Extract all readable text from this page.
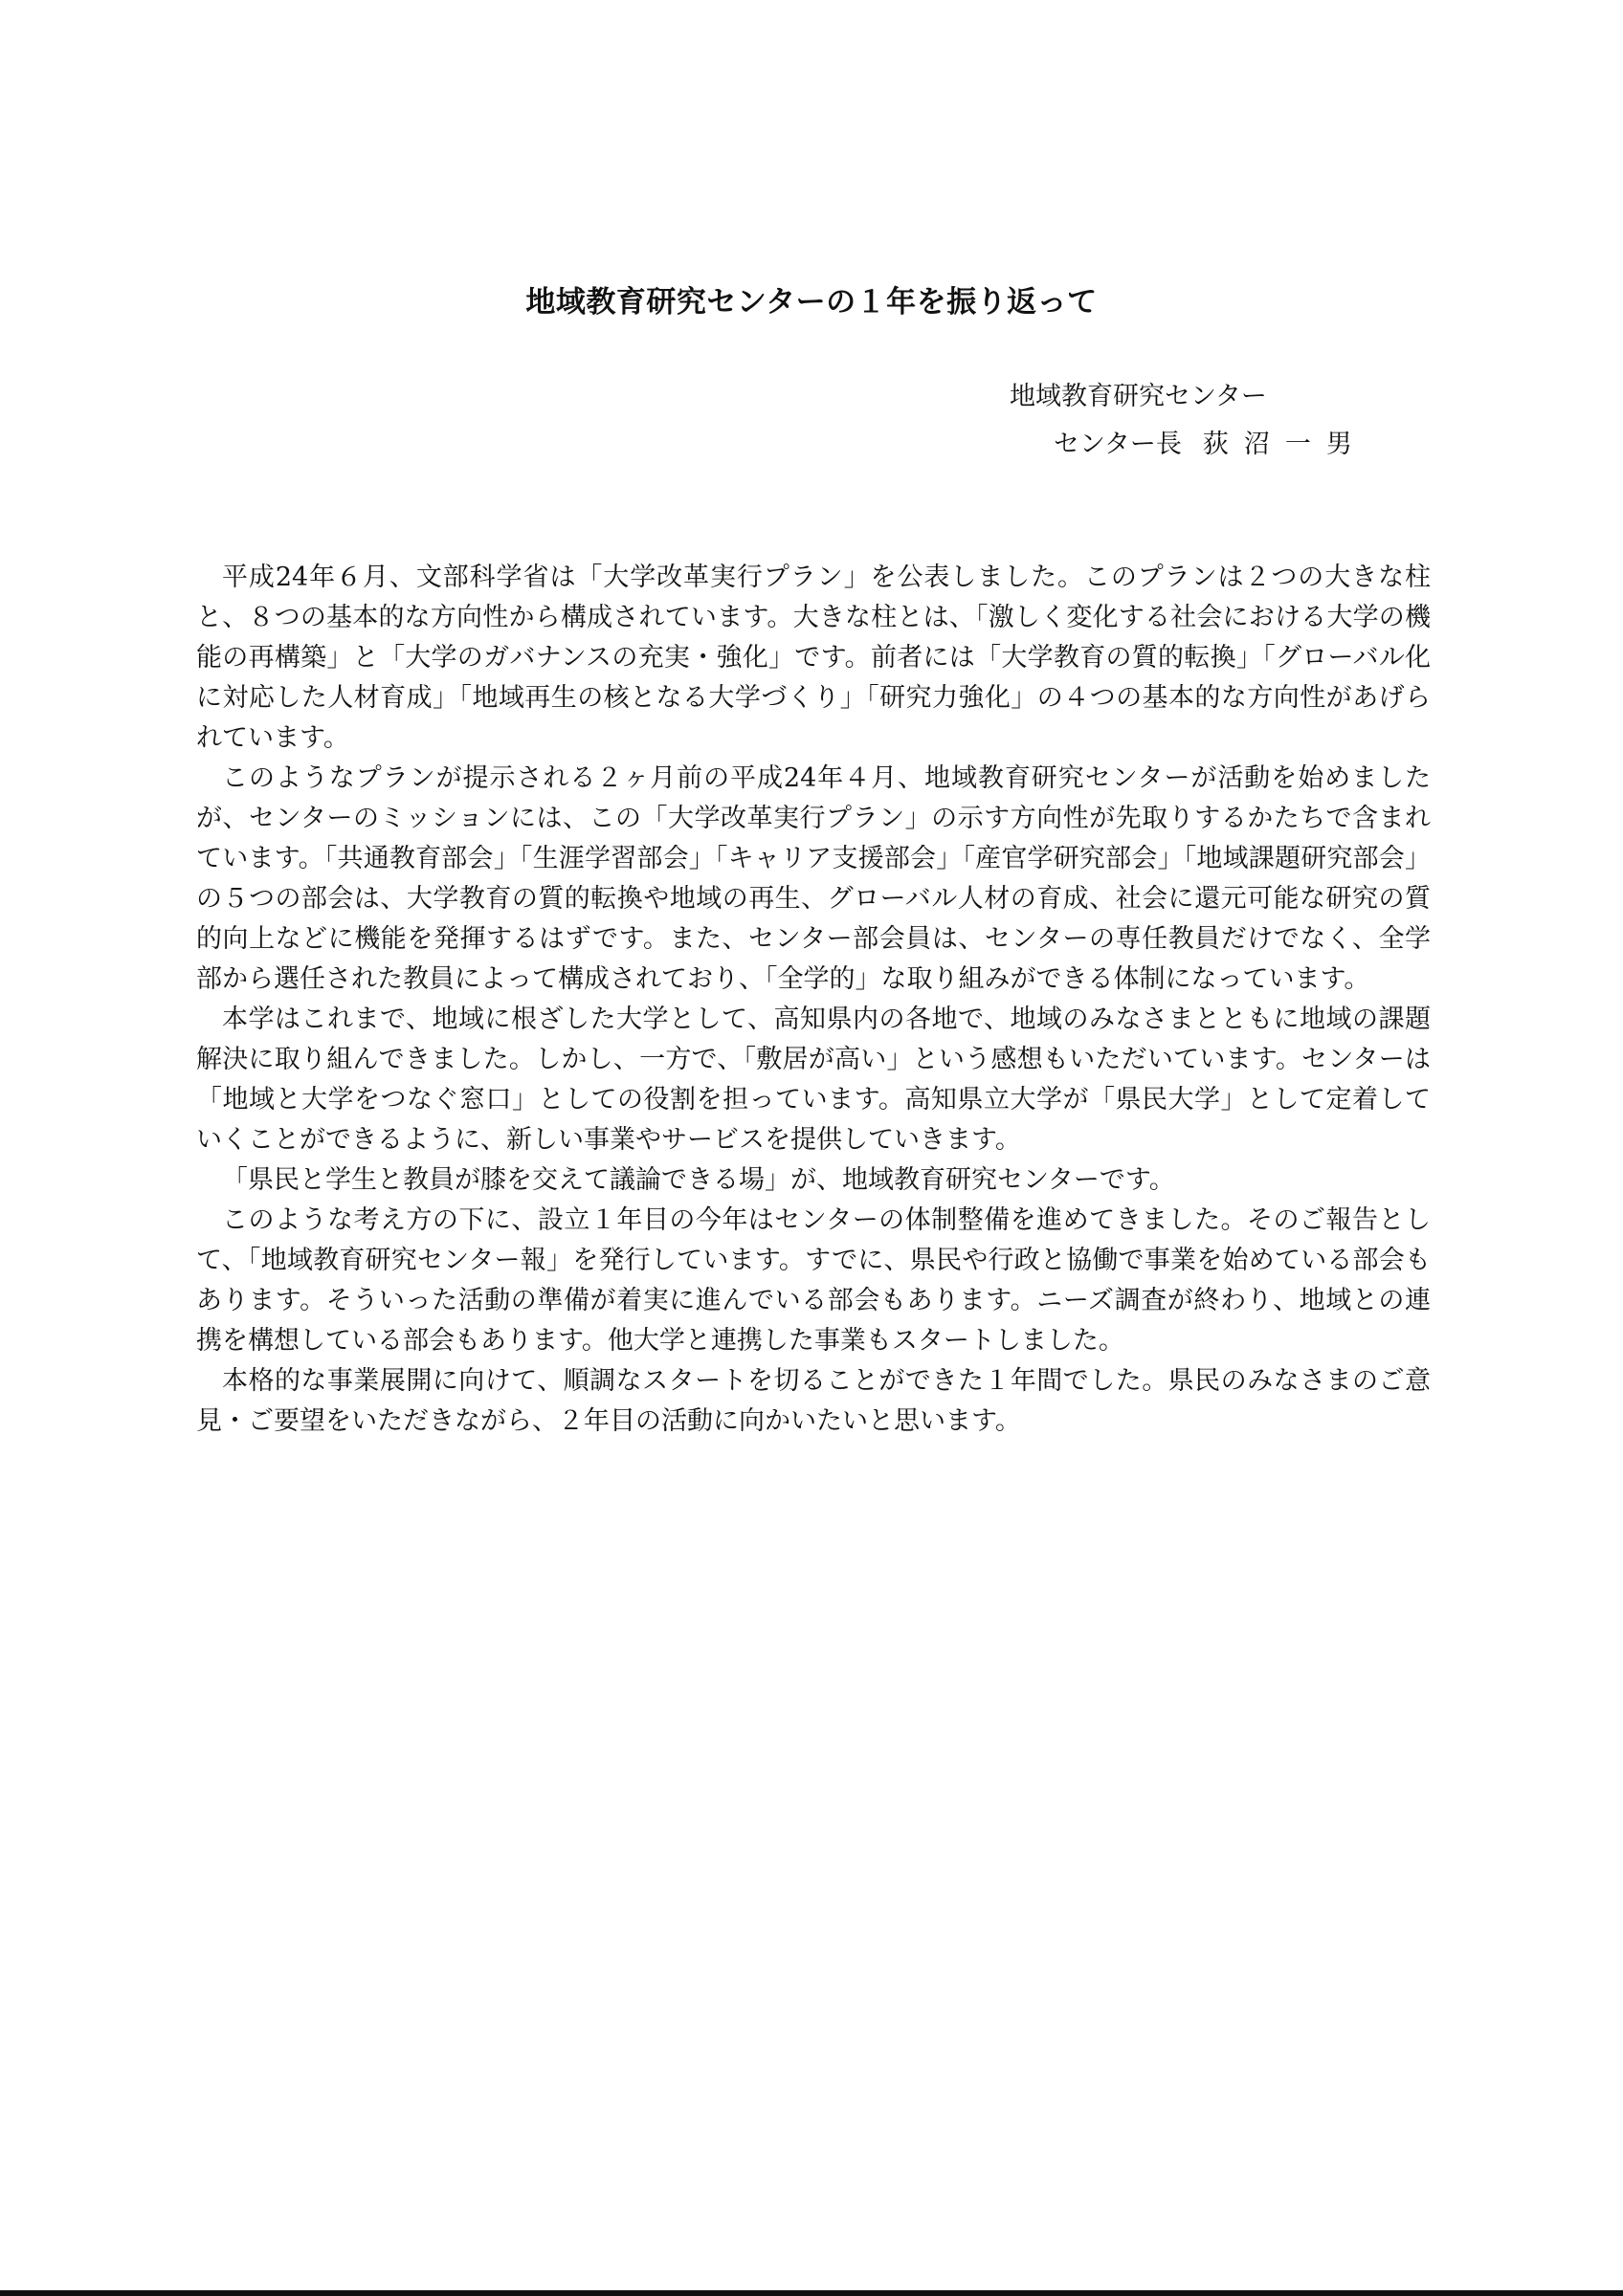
地域教育研究センターの１年を振り返って
地域教育研究センター
センター長 荻沼一男

平成24年６月、文部科学省は「大学改革実行プラン」を公表しました。このプランは２つの大きな柱と、８つの基本的な方向性から構成されています。大きな柱とは、「激しく変化する社会における大学の機能の再構築」と「大学のガバナンスの充実・強化」です。前者には「大学教育の質的転換」「グローバル化に対応した人材育成」「地域再生の核となる大学づくり」「研究力強化」の４つの基本的な方向性があげられています。

このようなプランが提示される２ヶ月前の平成24年４月、地域教育研究センターが活動を始めましたが、センターのミッションには、この「大学改革実行プラン」の示す方向性が先取りするかたちで含まれています。「共通教育部会」「生涯学習部会」「キャリア支援部会」「産官学研究部会」「地域課題研究部会」の５つの部会は、大学教育の質的転換や地域の再生、グローバル人材の育成、社会に還元可能な研究の質的向上などに機能を発揮するはずです。また、センター部会員は、センターの専任教員だけでなく、全学部から選任された教員によって構成されており、「全学的」な取り組みができる体制になっています。

本学はこれまで、地域に根ざした大学として、高知県内の各地で、地域のみなさまとともに地域の課題解決に取り組んできました。しかし、一方で、「敷居が高い」という感想もいただいています。センターは「地域と大学をつなぐ窓口」としての役割を担っています。高知県立大学が「県民大学」として定着していくことができるように、新しい事業やサービスを提供していきます。

「県民と学生と教員が膝を交えて議論できる場」が、地域教育研究センターです。

このような考え方の下に、設立１年目の今年はセンターの体制整備を進めてきました。そのご報告として、「地域教育研究センター報」を発行しています。すでに、県民や行政と協働で事業を始めている部会もあります。そういった活動の準備が着実に進んでいる部会もあります。ニーズ調査が終わり、地域との連携を構想している部会もあります。他大学と連携した事業もスタートしました。

本格的な事業展開に向けて、順調なスタートを切ることができた１年間でした。県民のみなさまのご意見・ご要望をいただきながら、２年目の活動に向かいたいと思います。
